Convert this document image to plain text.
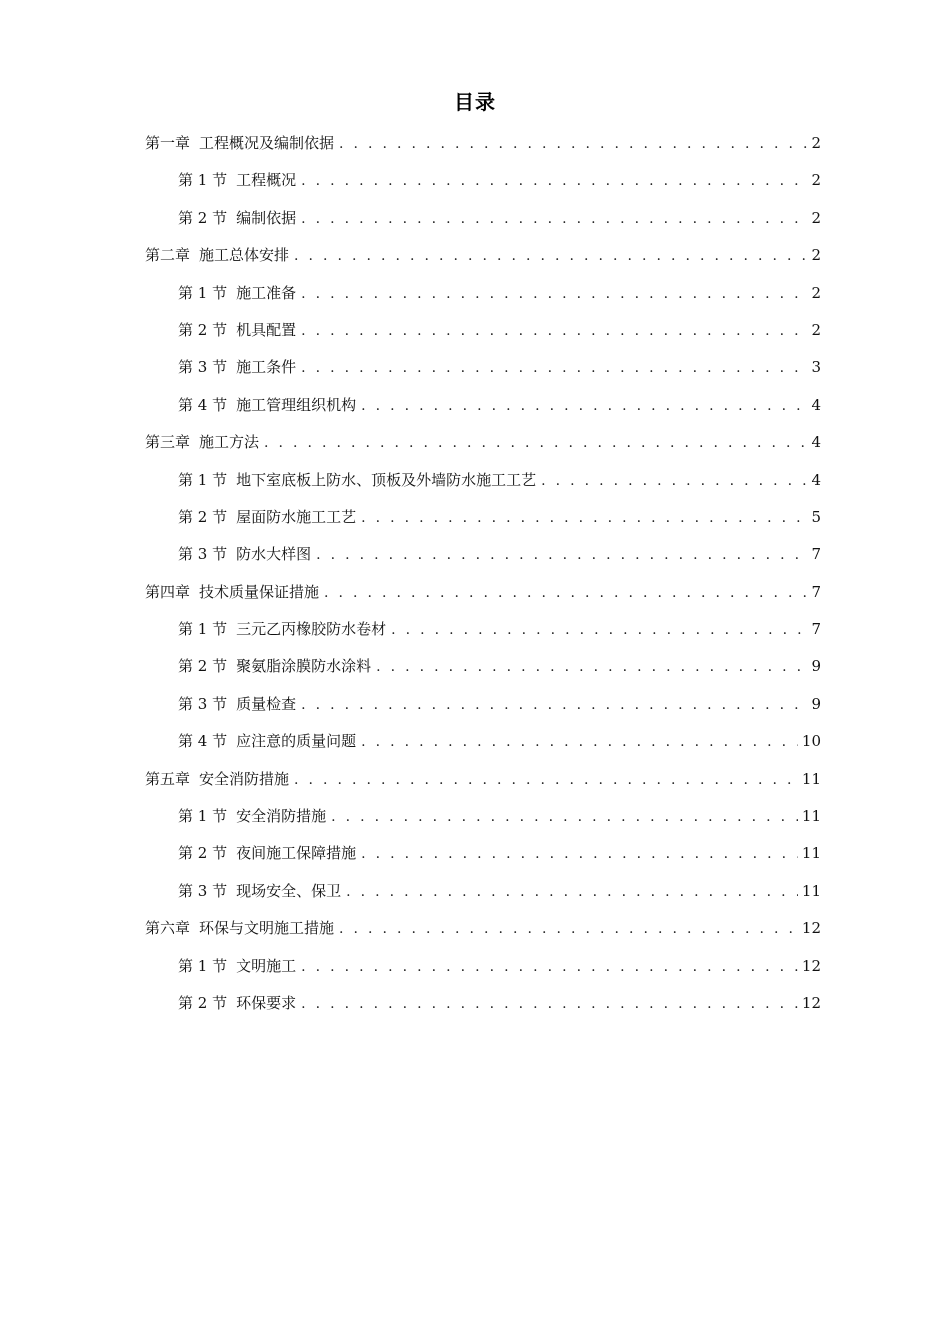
目录
第一章 工程概况及编制依据 . . .	2
第 1 节 工程概况 . . .	2
第 2 节 编制依据 . . .	2
第二章 施工总体安排 . . .	2
第 1 节 施工准备 . . .	2
第 2 节 机具配置 . . .	2
第 3 节 施工条件 . . .	3
第 4 节 施工管理组织机构 . . .	4
第三章 施工方法 . . .	4
第 1 节 地下室底板上防水、顶板及外墙防水施工工艺 . . .	4
第 2 节 屋面防水施工工艺 . . .	5
第 3 节 防水大样图 . . .	7
第四章 技术质量保证措施 . . .	7
第 1 节 三元乙丙橡胶防水卷材 . . .	7
第 2 节 聚氨脂涂膜防水涂料 . . .	9
第 3 节 质量检查 . . .	9
第 4 节 应注意的质量问题 . . .	10
第五章 安全消防措施 . . .	11
第 1 节 安全消防措施 . . .	11
第 2 节 夜间施工保障措施 . . .	11
第 3 节 现场安全、保卫 . . .	11
第六章 环保与文明施工措施 . . .	12
第 1 节 文明施工 . . .	12
第 2 节 环保要求 . . .	12
